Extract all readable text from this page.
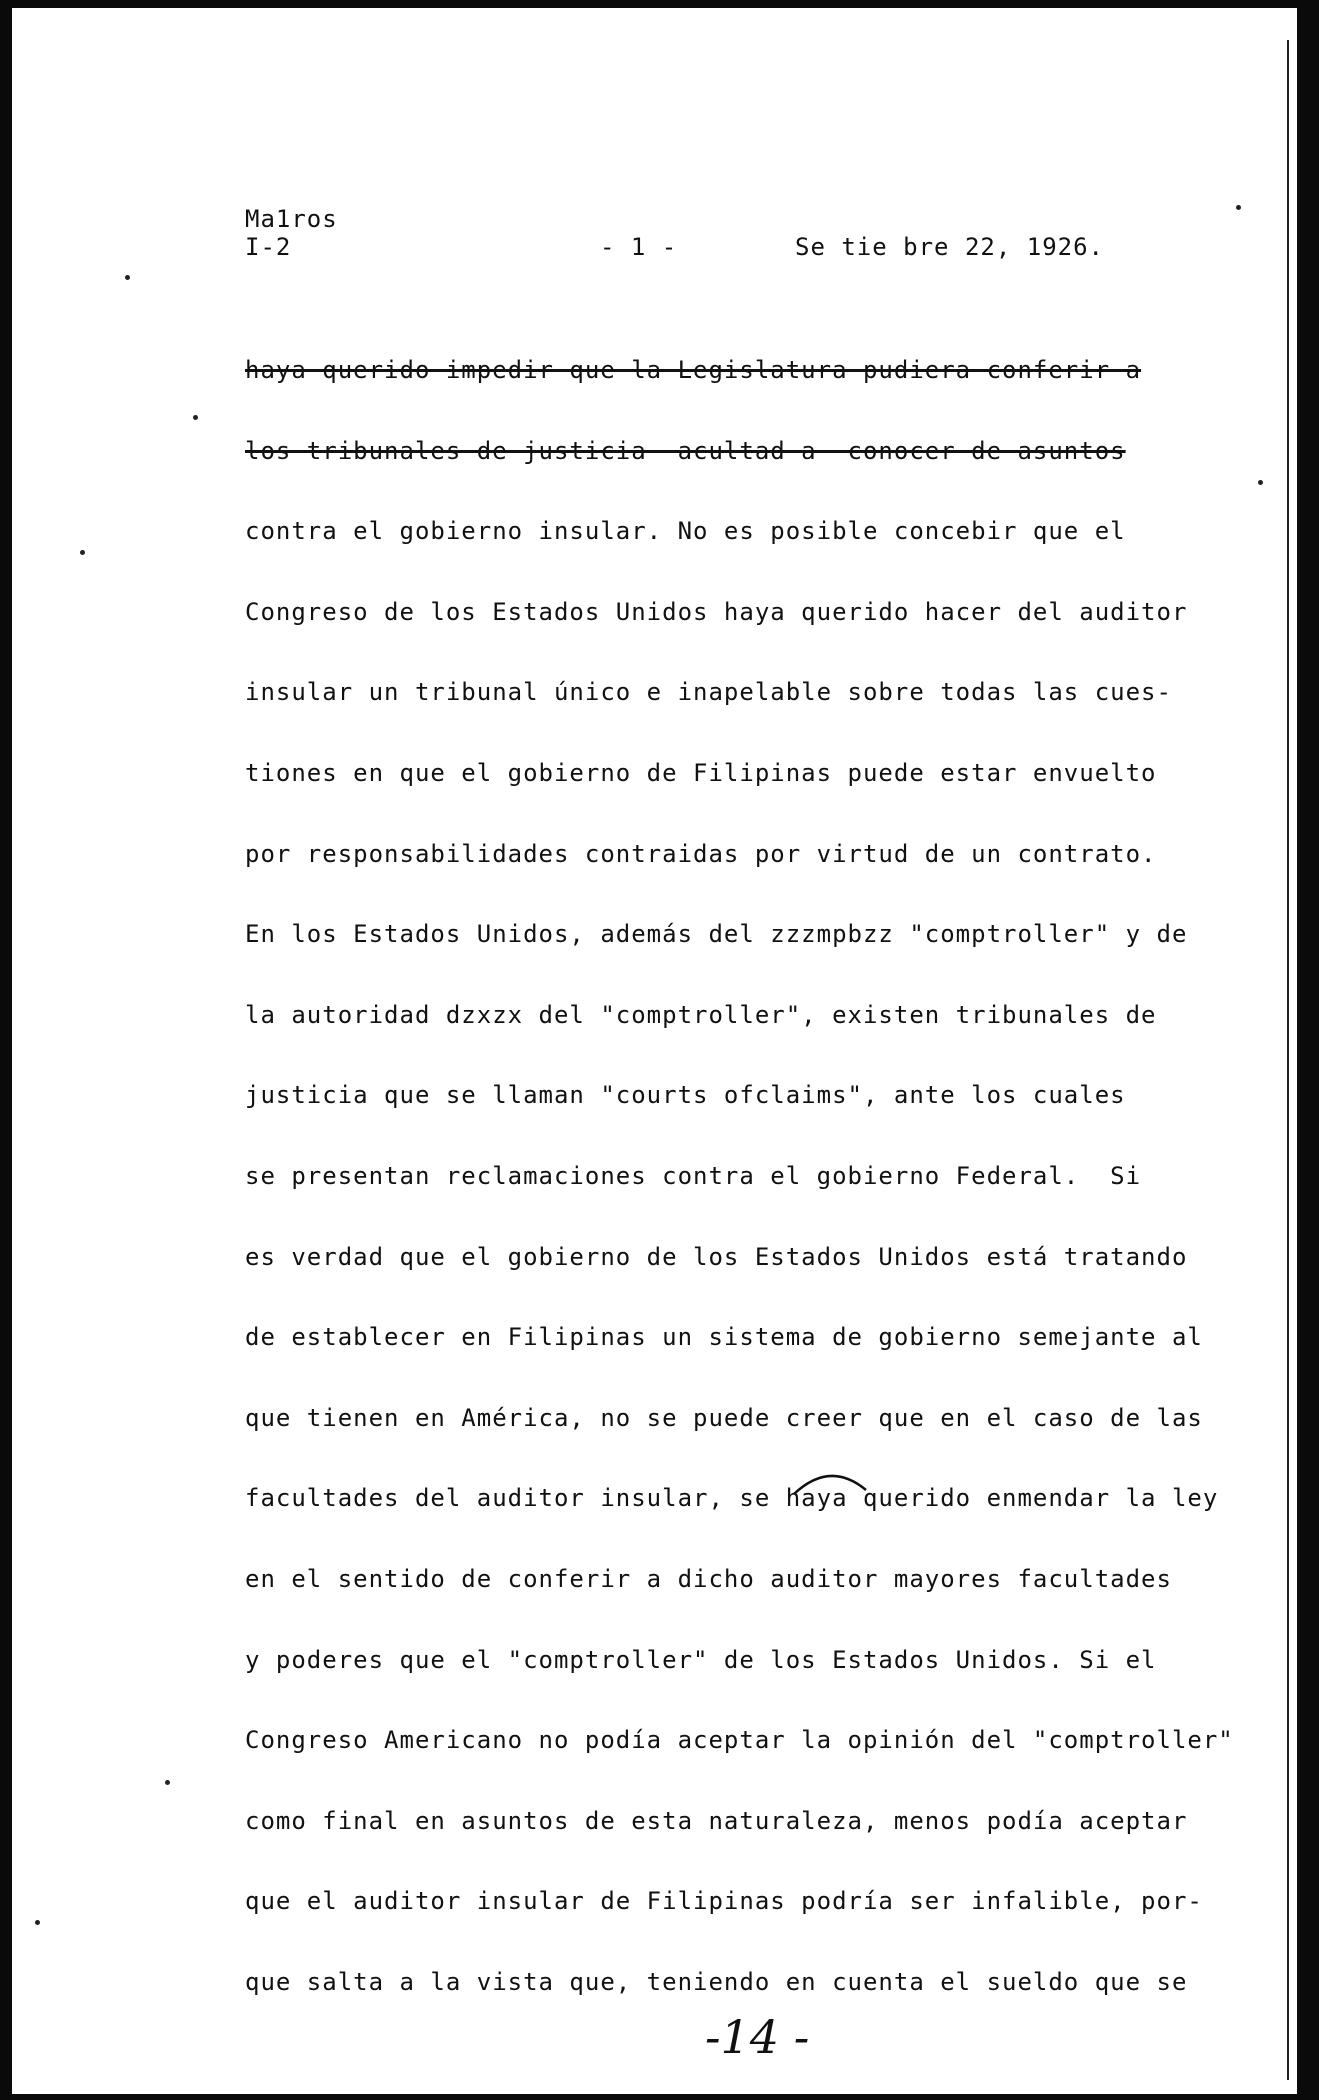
Ma1ros
I-2	- 1 -	Se tie bre 22, 1926.
haya querido impedir que la Legislatura pudiera conferir a
los tribunales de justicia  acultad a  conocer de asuntos
contra el gobierno insular. No es posible concebir que el
Congreso de los Estados Unidos haya querido hacer del auditor
insular un tribunal único e inapelable sobre todas las cues-
tiones en que el gobierno de Filipinas puede estar envuelto
por responsabilidades contraidas por virtud de un contrato.
En los Estados Unidos, además del zzzmpbzz "comptroller" y de
la autoridad dzxzx del "comptroller", existen tribunales de
justicia que se llaman "courts ofclaims", ante los cuales
se presentan reclamaciones contra el gobierno Federal.  Si
es verdad que el gobierno de los Estados Unidos está tratando
de establecer en Filipinas un sistema de gobierno semejante al
que tienen en América, no se puede creer que en el caso de las
facultades del auditor insular, se haya querido enmendar la ley
en el sentido de conferir a dicho auditor mayores facultades
y poderes que el "comptroller" de los Estados Unidos. Si el
Congreso Americano no podía aceptar la opinión del "comptroller"
como final en asuntos de esta naturaleza, menos podía aceptar
que el auditor insular de Filipinas podría ser infalible, por-
que salta a la vista que, teniendo en cuenta el sueldo que se
-14 -
